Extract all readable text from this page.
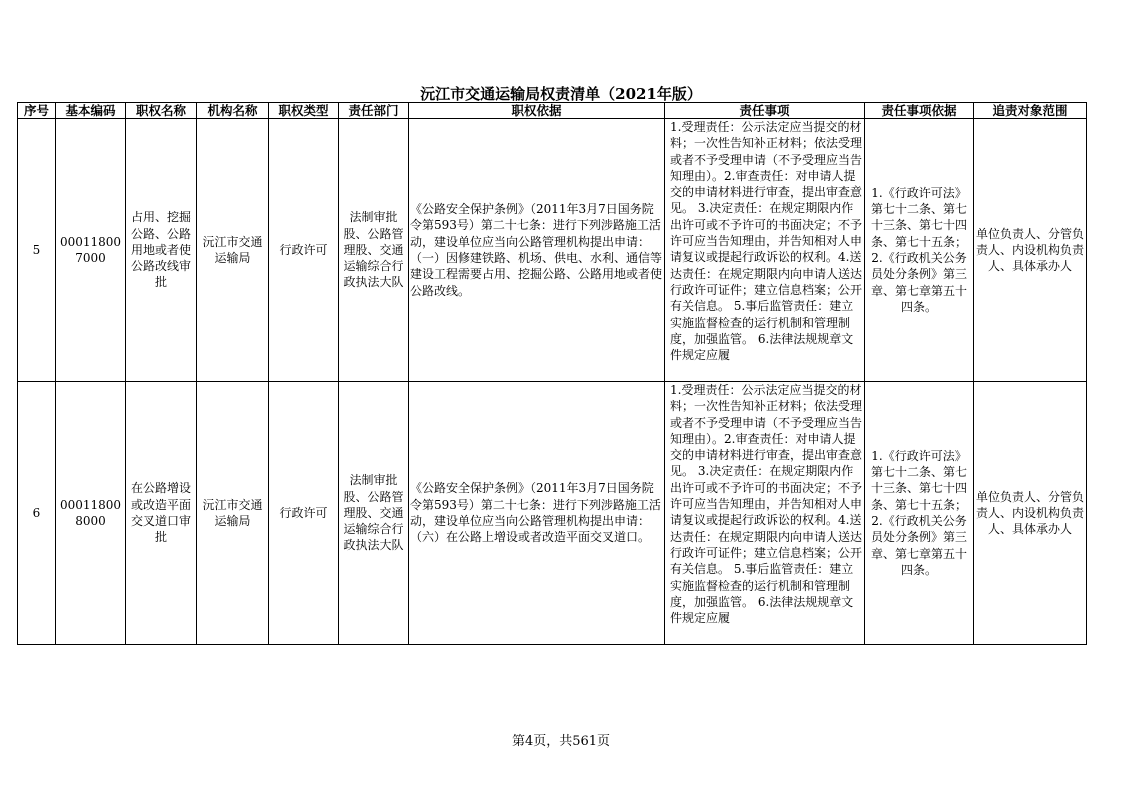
沅江市交通运输局权责清单（2021年版）
序号	基本编码	职权名称	机构名称	职权类型	责任部门	职权依据	责任事项	责任事项依据	追责对象范围
5	000118007000	占用、挖掘公路、公路用地或者使公路改线审批	沅江市交通运输局	行政许可	法制审批股、公路管理股、交通运输综合行政执法大队	《公路安全保护条例》（2011年3月7日国务院令第593号）第二十七条：进行下列涉路施工活动，建设单位应当向公路管理机构提出申请：（一）因修建铁路、机场、供电、水利、通信等建设工程需要占用、挖掘公路、公路用地或者使公路改线。	1.受理责任：公示法定应当提交的材料；一次性告知补正材料；依法受理或者不予受理申请（不予受理应当告知理由）。2.审查责任：对申请人提交的申请材料进行审查，提出审查意见。 3.决定责任：在规定期限内作出许可或不予许可的书面决定；不予许可应当告知理由，并告知相对人申请复议或提起行政诉讼的权利。4.送达责任：在规定期限内向申请人送达行政许可证件；建立信息档案；公开有关信息。 5.事后监管责任：建立实施监督检查的运行机制和管理制度，加强监管。 6.法律法规规章文件规定应履	1.《行政许可法》第七十二条、第七十三条、第七十四条、第七十五条；2.《行政机关公务员处分条例》第三章、第七章第五十四条。	单位负责人、分管负责人、内设机构负责人、具体承办人
6	000118008000	在公路增设或改造平面交叉道口审批	沅江市交通运输局	行政许可	法制审批股、公路管理股、交通运输综合行政执法大队	《公路安全保护条例》（2011年3月7日国务院令第593号）第二十七条：进行下列涉路施工活动，建设单位应当向公路管理机构提出申请：（六）在公路上增设或者改造平面交叉道口。	1.受理责任：公示法定应当提交的材料；一次性告知补正材料；依法受理或者不予受理申请（不予受理应当告知理由）。2.审查责任：对申请人提交的申请材料进行审查，提出审查意见。 3.决定责任：在规定期限内作出许可或不予许可的书面决定；不予许可应当告知理由，并告知相对人申请复议或提起行政诉讼的权利。4.送达责任：在规定期限内向申请人送达行政许可证件；建立信息档案；公开有关信息。 5.事后监管责任：建立实施监督检查的运行机制和管理制度，加强监管。 6.法律法规规章文件规定应履	1.《行政许可法》第七十二条、第七十三条、第七十四条、第七十五条；2.《行政机关公务员处分条例》第三章、第七章第五十四条。	单位负责人、分管负责人、内设机构负责人、具体承办人
第4页，共561页
